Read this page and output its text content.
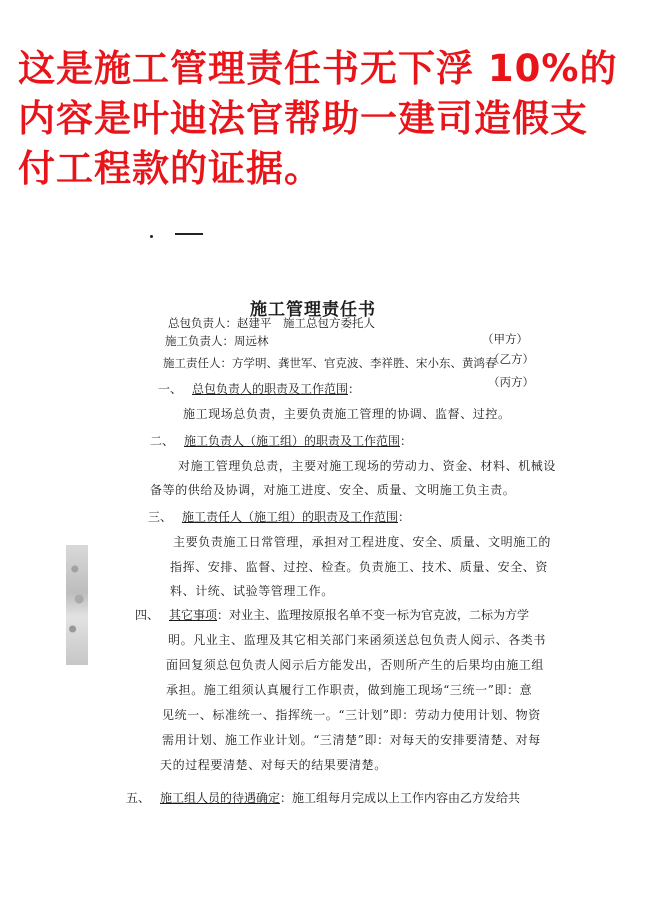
这是施工管理责任书无下浮 10%的
内容是叶迪法官帮助一建司造假支
付工程款的证据。
施工管理责任书
总包负责人：赵建平　施工总包方委托人
施工负责人：周远林	（甲方）
（乙方）
施工责任人：方学明、龚世军、官克波、李祥胜、宋小东、黄鸿春
（丙方）
一、 总包负责人的职责及工作范围：
施工现场总负责，主要负责施工管理的协调、监督、过控。
二、 施工负责人（施工组）的职责及工作范围：
对施工管理负总责，主要对施工现场的劳动力、资金、材料、机械设
备等的供给及协调，对施工进度、安全、质量、文明施工负主责。
三、 施工责任人（施工组）的职责及工作范围：
主要负责施工日常管理，承担对工程进度、安全、质量、文明施工的
指挥、安排、监督、过控、检查。负责施工、技术、质量、安全、资
料、计统、试验等管理工作。
四、 其它事项：对业主、监理按原报名单不变一标为官克波，二标为方学
明。凡业主、监理及其它相关部门来函须送总包负责人阅示、各类书
面回复须总包负责人阅示后方能发出，否则所产生的后果均由施工组
承担。施工组须认真履行工作职责，做到施工现场“三统一”即：意
见统一、标准统一、指挥统一。“三计划”即：劳动力使用计划、物资
需用计划、施工作业计划。“三清楚”即：对每天的安排要清楚、对每
天的过程要清楚、对每天的结果要清楚。
五、 施工组人员的待遇确定：施工组每月完成以上工作内容由乙方发给共
